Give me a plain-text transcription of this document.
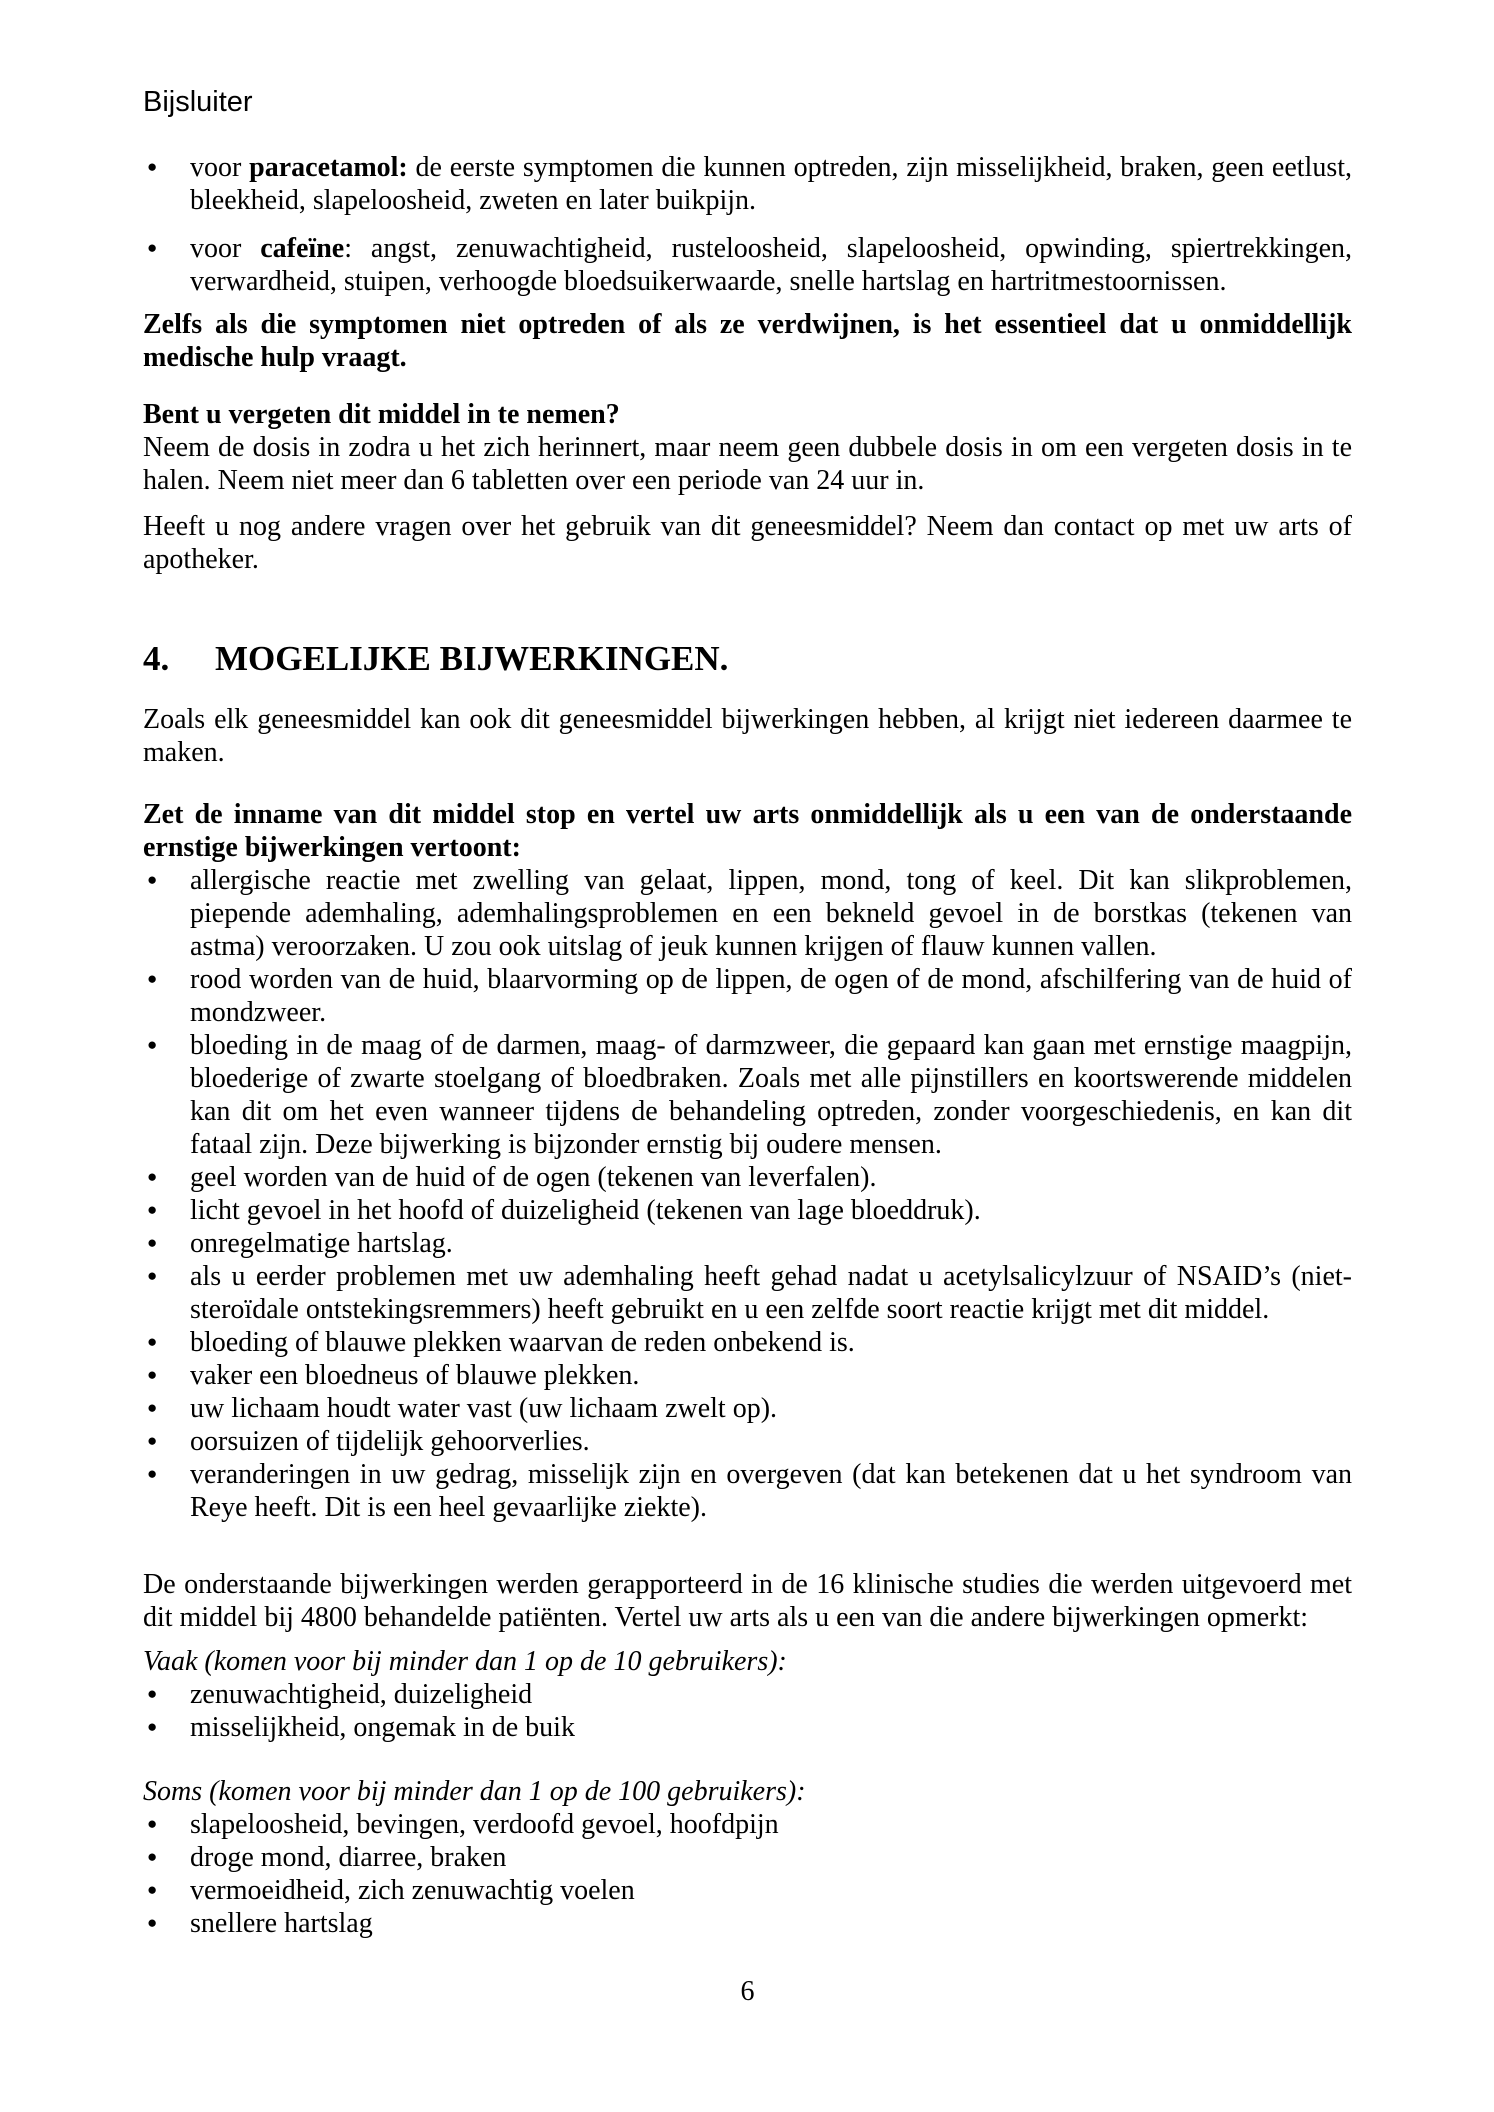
Bijsluiter
● voor paracetamol: de eerste symptomen die kunnen optreden, zijn misselijkheid, braken, geen eetlust, bleekheid, slapeloosheid, zweten en later buikpijn.
● voor cafeïne: angst, zenuwachtigheid, rusteloosheid, slapeloosheid, opwinding, spiertrekkingen, verwardheid, stuipen, verhoogde bloedsuikerwaarde, snelle hartslag en hartritmestoornissen.

Zelfs als die symptomen niet optreden of als ze verdwijnen, is het essentieel dat u onmiddellijk medische hulp vraagt.

Bent u vergeten dit middel in te nemen?

Neem de dosis in zodra u het zich herinnert, maar neem geen dubbele dosis in om een vergeten dosis in te halen. Neem niet meer dan 6 tabletten over een periode van 24 uur in.

Heeft u nog andere vragen over het gebruik van dit geneesmiddel? Neem dan contact op met uw arts of apotheker.

4. MOGELIJKE BIJWERKINGEN.

Zoals elk geneesmiddel kan ook dit geneesmiddel bijwerkingen hebben, al krijgt niet iedereen daarmee te maken.

Zet de inname van dit middel stop en vertel uw arts onmiddellijk als u een van de onderstaande ernstige bijwerkingen vertoont:

● allergische reactie met zwelling van gelaat, lippen, mond, tong of keel. Dit kan slikproblemen, piepende ademhaling, ademhalingsproblemen en een bekneld gevoel in de borstkas (tekenen van astma) veroorzaken. U zou ook uitslag of jeuk kunnen krijgen of flauw kunnen vallen.
● rood worden van de huid, blaarvorming op de lippen, de ogen of de mond, afschilfering van de huid of mondzweer.
● bloeding in de maag of de darmen, maag- of darmzweer, die gepaard kan gaan met ernstige maagpijn, bloederige of zwarte stoelgang of bloedbraken. Zoals met alle pijnstillers en koortswerende middelen kan dit om het even wanneer tijdens de behandeling optreden, zonder voorgeschiedenis, en kan dit fataal zijn. Deze bijwerking is bijzonder ernstig bij oudere mensen.
● geel worden van de huid of de ogen (tekenen van leverfalen).
● licht gevoel in het hoofd of duizeligheid (tekenen van lage bloeddruk).
● onregelmatige hartslag.
● als u eerder problemen met uw ademhaling heeft gehad nadat u acetylsalicylzuur of NSAID’s (niet-steroïdale ontstekingsremmers) heeft gebruikt en u een zelfde soort reactie krijgt met dit middel.
● bloeding of blauwe plekken waarvan de reden onbekend is.
● vaker een bloedneus of blauwe plekken.
● uw lichaam houdt water vast (uw lichaam zwelt op).
● oorsuizen of tijdelijk gehoorverlies.
● veranderingen in uw gedrag, misselijk zijn en overgeven (dat kan betekenen dat u het syndroom van Reye heeft. Dit is een heel gevaarlijke ziekte).

De onderstaande bijwerkingen werden gerapporteerd in de 16 klinische studies die werden uitgevoerd met dit middel bij 4800 behandelde patiënten. Vertel uw arts als u een van die andere bijwerkingen opmerkt:

Vaak (komen voor bij minder dan 1 op de 10 gebruikers):

● zenuwachtigheid, duizeligheid
● misselijkheid, ongemak in de buik

Soms (komen voor bij minder dan 1 op de 100 gebruikers):

● slapeloosheid, bevingen, verdoofd gevoel, hoofdpijn
● droge mond, diarree, braken
● vermoeidheid, zich zenuwachtig voelen
● snellere hartslag
6
